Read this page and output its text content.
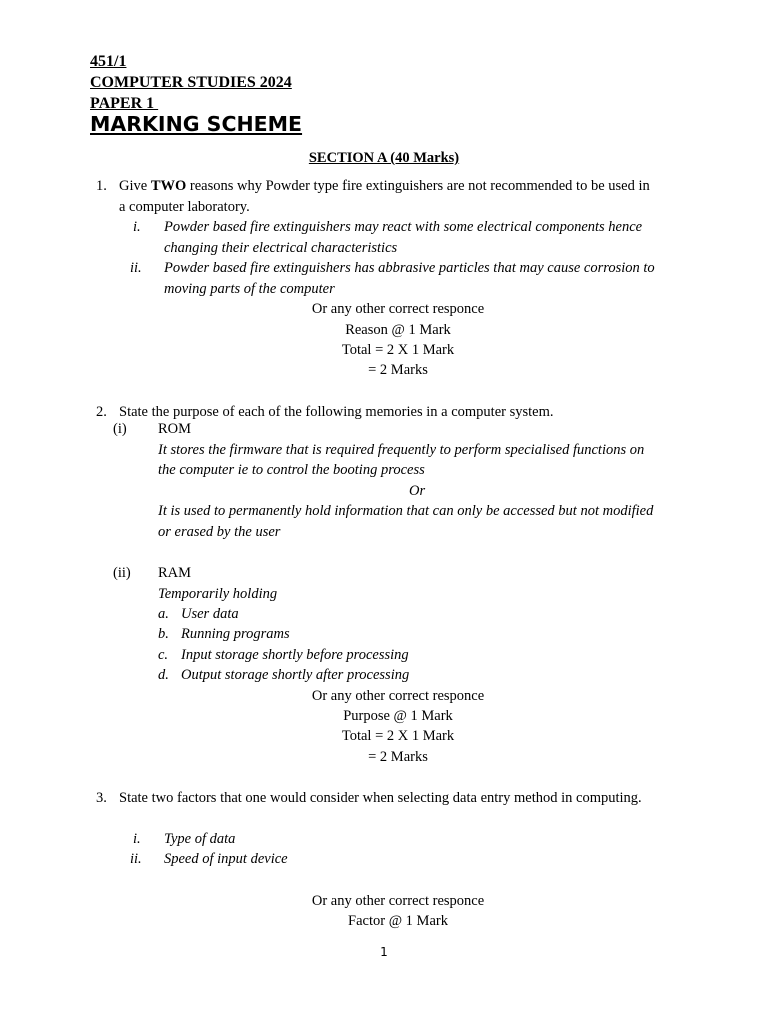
451/1
COMPUTER STUDIES 2024
PAPER 1
MARKING SCHEME
SECTION A (40 Marks)
1. Give TWO reasons why Powder type fire extinguishers are not recommended to be used in
a computer laboratory.
i. Powder based fire extinguishers may react with some electrical components hence
changing their electrical characteristics
ii. Powder based fire extinguishers has abbrasive particles that may cause corrosion to
moving parts of the computer
Or any other correct responce
Reason @ 1 Mark
Total = 2 X 1 Mark
= 2 Marks
2. State the purpose of each of the following memories in a computer system.
(i) ROM
It stores the firmware that is required frequently to perform specialised functions on
the computer ie to control the booting process
Or
It is used to permanently hold information that can only be accessed but not modified
or erased by the user
(ii) RAM
Temporarily holding
a. User data
b. Running programs
c. Input storage shortly before processing
d. Output storage shortly after processing
Or any other correct responce
Purpose @ 1 Mark
Total = 2 X 1 Mark
= 2 Marks
3. State two factors that one would consider when selecting data entry method in computing.
i. Type of data
ii. Speed of input device
Or any other correct responce
Factor @ 1 Mark
1
